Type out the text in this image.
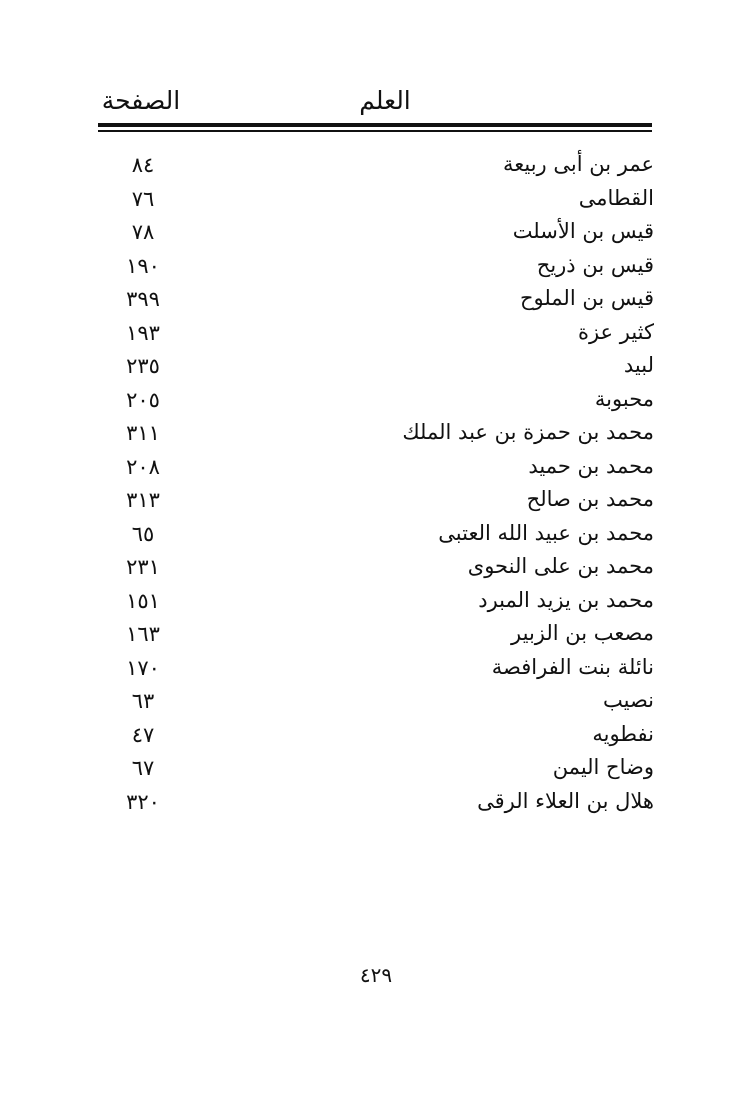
العلم
الصفحة
عمر بن أبى ربيعة
٨٤
القطامى
٧٦
قيس بن الأسلت
٧٨
قيس بن ذريح
١٩٠
قيس بن الملوح
٣٩٩
كثير عزة
١٩٣
لبيد
٢٣٥
محبوبة
٢٠٥
محمد بن حمزة بن عبد الملك
٣١١
محمد بن حميد
٢٠٨
محمد بن صالح
٣١٣
محمد بن عبيد الله العتبى
٦٥
محمد بن على النحوى
٢٣١
محمد بن يزيد المبرد
١٥١
مصعب بن الزبير
١٦٣
نائلة بنت الفرافصة
١٧٠
نصيب
٦٣
نفطويه
٤٧
وضاح اليمن
٦٧
هلال بن العلاء الرقى
٣٢٠
٤٢٩
